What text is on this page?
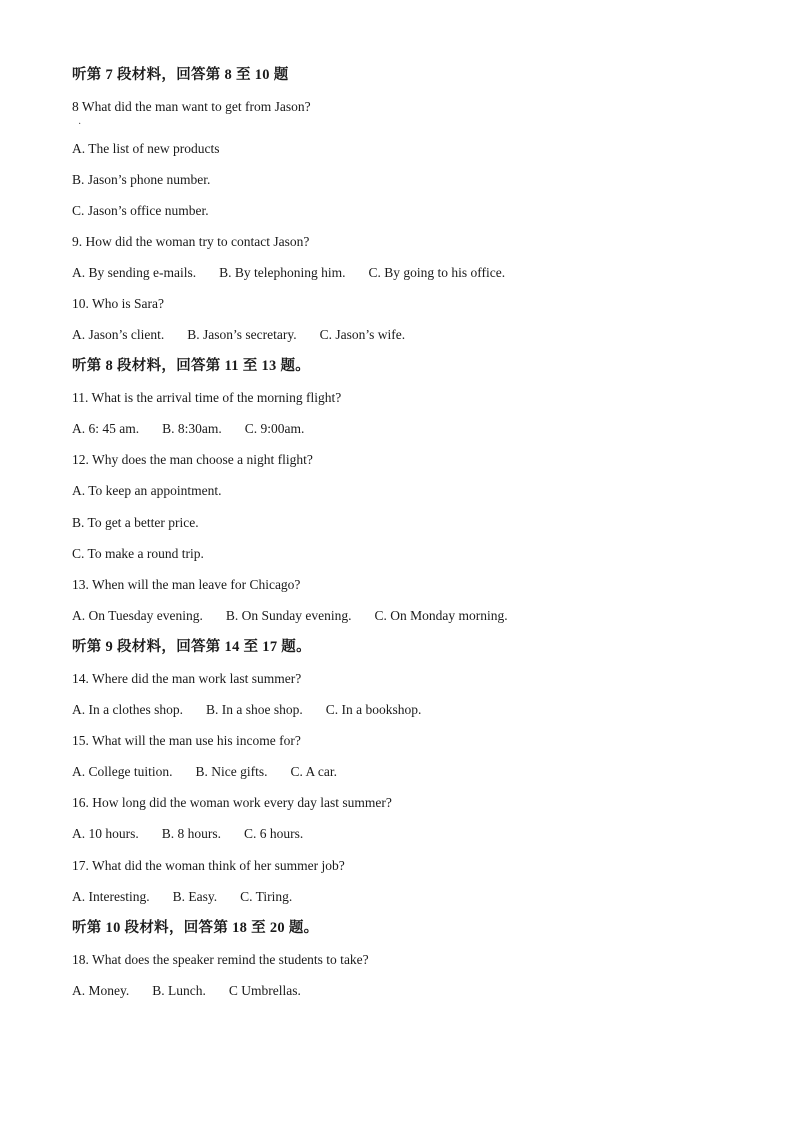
听第 7 段材料，回答第 8 至 10 题
8 What did the man want to get from Jason?
·
A. The list of new products
B. Jason’s phone number.
C. Jason’s office number.
9. How did the woman try to contact Jason?
A. By sending e-mails. B. By telephoning him. C. By going to his office.
10. Who is Sara?
A. Jason’s client. B. Jason’s secretary. C. Jason’s wife.
听第 8 段材料，回答第 11 至 13 题。
11. What is the arrival time of the morning flight?
A. 6: 45 am. B. 8:30am. C. 9:00am.
12. Why does the man choose a night flight?
A. To keep an appointment.
B. To get a better price.
C. To make a round trip.
13. When will the man leave for Chicago?
A. On Tuesday evening. B. On Sunday evening. C. On Monday morning.
听第 9 段材料，回答第 14 至 17 题。
14. Where did the man work last summer?
A. In a clothes shop. B. In a shoe shop. C. In a bookshop.
15. What will the man use his income for?
A. College tuition. B. Nice gifts. C. A car.
16. How long did the woman work every day last summer?
A. 10 hours. B. 8 hours. C. 6 hours.
17. What did the woman think of her summer job?
A. Interesting. B. Easy. C. Tiring.
听第 10 段材料，回答第 18 至 20 题。
18. What does the speaker remind the students to take?
A. Money. B. Lunch. C Umbrellas.
